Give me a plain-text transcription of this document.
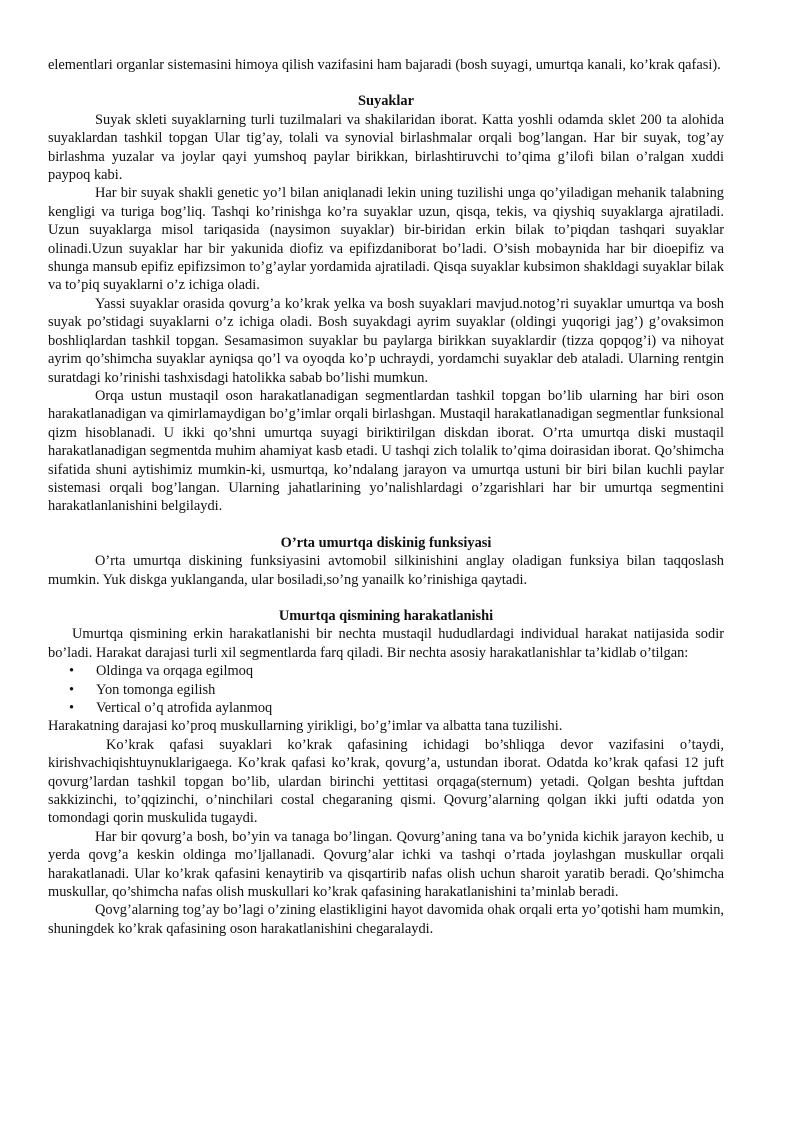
elementlari organlar sistemasini himoya qilish vazifasini ham bajaradi (bosh suyagi, umurtqa kanali, ko’krak qafasi).

Suyaklar

Suyak skleti suyaklarning turli tuzilmalari va shakilaridan iborat. Katta yoshli odamda sklet 200 ta alohida suyaklardan tashkil topgan Ular tig’ay, tolali va synovial birlashmalar orqali bog’langan. Har bir suyak, tog’ay birlashma yuzalar va joylar qayi yumshoq paylar birikkan, birlashtiruvchi to’qima g’ilofi bilan o’ralgan xuddi paypoq kabi.

Har bir suyak shakli genetic yo’l bilan aniqlanadi lekin uning tuzilishi unga qo’yiladigan mehanik talabning kengligi va turiga bog’liq. Tashqi ko’rinishga ko’ra suyaklar uzun, qisqa, tekis, va qiyshiq suyaklarga ajratiladi. Uzun suyaklarga misol tariqasida (naysimon suyaklar) bir-biridan erkin bilak to’piqdan tashqari suyaklar olinadi.Uzun suyaklar har bir yakunida diofiz va epifizdaniborat bo’ladi. O’sish mobaynida har bir dioepifiz va shunga mansub epifiz epifizsimon to’g’aylar yordamida ajratiladi. Qisqa suyaklar kubsimon shakldagi suyaklar bilak va to’piq suyaklarni o’z ichiga oladi.

Yassi suyaklar orasida qovurg’a ko’krak yelka va bosh suyaklari mavjud.notog’ri suyaklar umurtqa va bosh suyak po’stidagi suyaklarni o’z ichiga oladi. Bosh suyakdagi ayrim suyaklar (oldingi yuqorigi jag’) g’ovaksimon boshliqlardan tashkil topgan. Sesamasimon suyaklar bu paylarga birikkan suyaklardir (tizza qopqog’i) va nihoyat ayrim qo’shimcha suyaklar ayniqsa qo’l va oyoqda ko’p uchraydi, yordamchi suyaklar deb ataladi. Ularning rentgin suratdagi ko’rinishi tashxisdagi hatolikka sabab bo’lishi mumkun.

Orqa ustun mustaqil oson harakatlanadigan segmentlardan tashkil topgan bo’lib ularning har biri oson harakatlanadigan va qimirlamaydigan bo’g’imlar orqali birlashgan. Mustaqil harakatlanadigan segmentlar funksional qizm hisoblanadi. U ikki qo’shni umurtqa suyagi biriktirilgan diskdan iborat. O’rta umurtqa diski mustaqil harakatlanadigan segmentda muhim ahamiyat kasb etadi. U tashqi zich tolalik to’qima doirasidan iborat. Qo’shimcha sifatida shuni aytishimiz mumkin-ki, usmurtqa, ko’ndalang jarayon va umurtqa ustuni bir biri bilan kuchli paylar sistemasi orqali bog’langan. Ularning jahatlarining yo’nalishlardagi o’zgarishlari har bir umurtqa segmentini harakatlanlanishini belgilaydi.

O’rta umurtqa diskinig funksiyasi

O’rta umurtqa diskining funksiyasini avtomobil silkinishini anglay oladigan funksiya bilan taqqoslash mumkin. Yuk diskga yuklanganda, ular bosiladi,so’ng yanailk ko’rinishiga qaytadi.

Umurtqa qismining harakatlanishi

Umurtqa qismining erkin harakatlanishi bir nechta mustaqil hududlardagi individual harakat natijasida sodir bo’ladi. Harakat darajasi turli xil segmentlarda farq qiladi. Bir nechta asosiy harakatlanishlar ta’kidlab o’tilgan:

• Oldinga va orqaga egilmoq
• Yon tomonga egilish
• Vertical o’q atrofida aylanmoq

Harakatning darajasi ko’proq muskullarning yirikligi, bo’g’imlar va albatta tana tuzilishi.

Ko’krak qafasi suyaklari ko’krak qafasining ichidagi bo’shliqga devor vazifasini o’taydi, kirishvachiqishtuynuklarigaega. Ko’krak qafasi ko’krak, qovurg’a, ustundan iborat. Odatda ko’krak qafasi 12 juft qovurg’lardan tashkil topgan bo’lib, ulardan birinchi yettitasi orqaga(sternum) yetadi. Qolgan beshta juftdan sakkizinchi, to’qqizinchi, o’ninchilari costal chegaraning qismi. Qovurg’alarning qolgan ikki jufti odatda yon tomondagi qorin muskulida tugaydi.

Har bir qovurg’a bosh, bo’yin va tanaga bo’lingan. Qovurg’aning tana va bo’ynida kichik jarayon kechib, u yerda qovg’a keskin oldinga mo’ljallanadi. Qovurg’alar ichki va tashqi o’rtada joylashgan muskullar orqali harakatlanadi. Ular ko’krak qafasini kenaytirib va qisqartirib nafas olish uchun sharoit yaratib beradi. Qo’shimcha muskullar, qo’shimcha nafas olish muskullari ko’krak qafasining harakatlanishini ta’minlab beradi.

Qovg’alarning tog’ay bo’lagi o’zining elastikligini hayot davomida ohak orqali erta yo’qotishi ham mumkin, shuningdek ko’krak qafasining oson harakatlanishini chegaralaydi.
